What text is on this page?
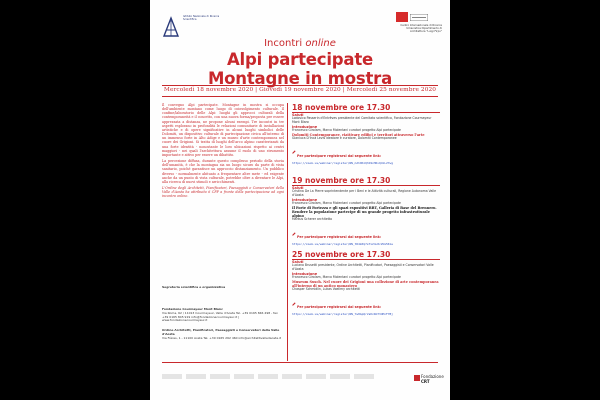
Istituto Nazionale di Ricerca Scientifica
Centro Internazionale di Ricerca Umanistica Dipartimento di Architettura "Luigi Firpo"
Incontri online
Alpi partecipate
Montagne in mostra
Mercoledì 18 novembre 2020 | Giovedì 19 novembre 2020 | Mercoledì 25 novembre 2020

Il convegno Alpi partecipate. Montagne in mostra si occupa dell'ambiente montano come luogo di coinvolgimento culturale. Il confine/laboratorio delle Alpi: luoghi gli approcci culturali della contemporaneità e il concetto, con una nuova forma/proposta per essere apprezzata a distanza, ne propone alcuni esempi. Tre incontri in tre aspetti esplorano in profondità le relazioni comunitarie di installazioni artistiche e di opere significative in alcuni luoghi simbolici delle Dolomiti, un dispositivo culturale di partecipazione civica all'interno di un immenso forte in Alto Adige e un museo d'arte contemporanea nel cuore dei Grigioni. Si tratta di luoghi dell'arco alpino caratterizzati da una forte identità - nonostante le loro ubicazioni rispetto ai centri maggiori - nei quali l'architettura assume il ruolo di uno strumento importante e attivo per essere un dibattito.

La percezione diffusa, durante questo complesso periodo della storia dell'umanità, è che la montagna sia un luogo sicuro da parte di vista sanitario, poiché garantisce un approccio distanziamento. Un pubblico diverso - normalmente abituato a frequentare altre mete - ed esigente anche da un punto di vista culturale, potrebbe oltre a diventare le Alpi, alla ricerca di nuovi stimoli e arricchimenti.

L'Ordine degli Architetti, Pianificatori, Paesaggisti e Conservatori della Valle d'Aosta ha attribuito 6 CFP a fronte della partecipazione ad ogni incontro online.

Segreteria scientifica e organizzativa
Fondazione Courmayeur Mont Blanc
Via Roma, 62 / 11013 Courmayeur, Valle d'Aosta Tel. +39 0165 846 498 - fax +39 0165 845 919 info@fondazionecourmayeur.it | www.fondazionecourmayeur.it
Ordine Architetti, Pianificatori, Paesaggisti e Conservatori della Valle d'Aosta
Via Frères, 1 - 11100 Aosta Tel. +39 0165 262 460 info@architettivalledaosta.it
18 novembre ore 17.30
Saluti
Lodovico Passerin d'Entrèves presidente del Comitato scientifico, Fondazione Courmayeur Mont Blanc
Introduzione
Francesco Girolam, Marco Molentani curatori progetto Alpi partecipate
Dolomiti Contemporanee, riattivare edifici e territori attraverso l'arte
Gianluca D'Incà Levis ideatore e curatore, Dolomiti Contemporanee
Per partecipare registrarsi dal seguente link:
https://zoom.us/webinar/register/WN_mJh9KzQhS9xH6vQdzL2Ywg
19 novembre ore 17.30
Saluti
Cristina De La Pierre soprintendente per i Beni e le Attività culturali, Regione Autonoma Valle d'Aosta
Introduzione
Francesco Girolam, Marco Molentani curatori progetto Alpi partecipate
Il Forte di Fortezza e gli spazi espositivi BBT, Galleria di Base del Brennero. Rendere la popolazione partecipe di un grande progetto infrastrutturale alpino
Markus Scherer architetto
Per partecipare registrarsi dal seguente link:
https://zoom.us/webinar/register/WN_tR4mPq7sTx2nL8cVbG5Kzw
25 novembre ore 17.30
Saluti
Luciano Brusetti presidente, Ordine Architetti, Pianificatori, Paesaggisti e Conservatori Valle d'Aosta
Introduzione
Francesco Girolam, Marco Molentani curatori progetto Alpi partecipate
Museum Susch. Nel cuore dei Grigioni una collezione di arte contemporanea all'interno di un antico monastero
Chasper Schmidlin, Lukas Voellmy architetti
Per partecipare registrarsi dal seguente link:
https://zoom.us/webinar/register/WN_Yw8ApQr2sKx9mT3dHnF7Bj
Fondazione
CRT
